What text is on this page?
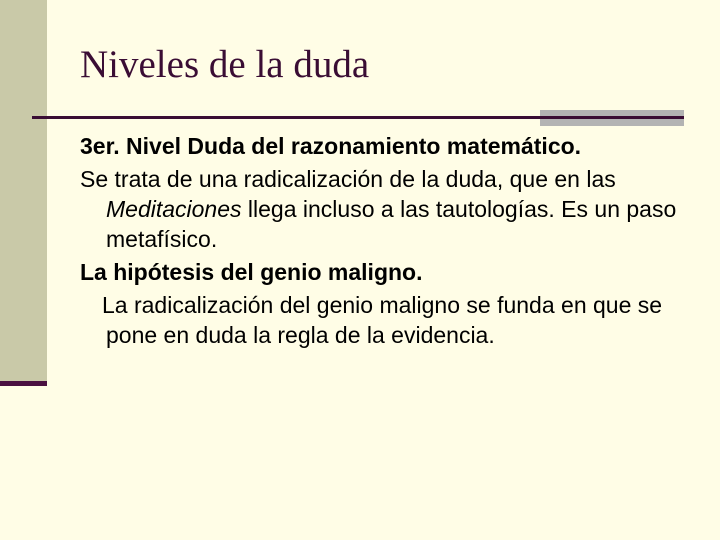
Niveles de la duda

3er. Nivel Duda del razonamiento matemático.

Se trata de una radicalización de la duda, que en las Meditaciones llega incluso a las tautologías. Es un paso metafísico.

La hipótesis del genio maligno.

La radicalización del genio maligno se funda en que se pone en duda la regla de la evidencia.
